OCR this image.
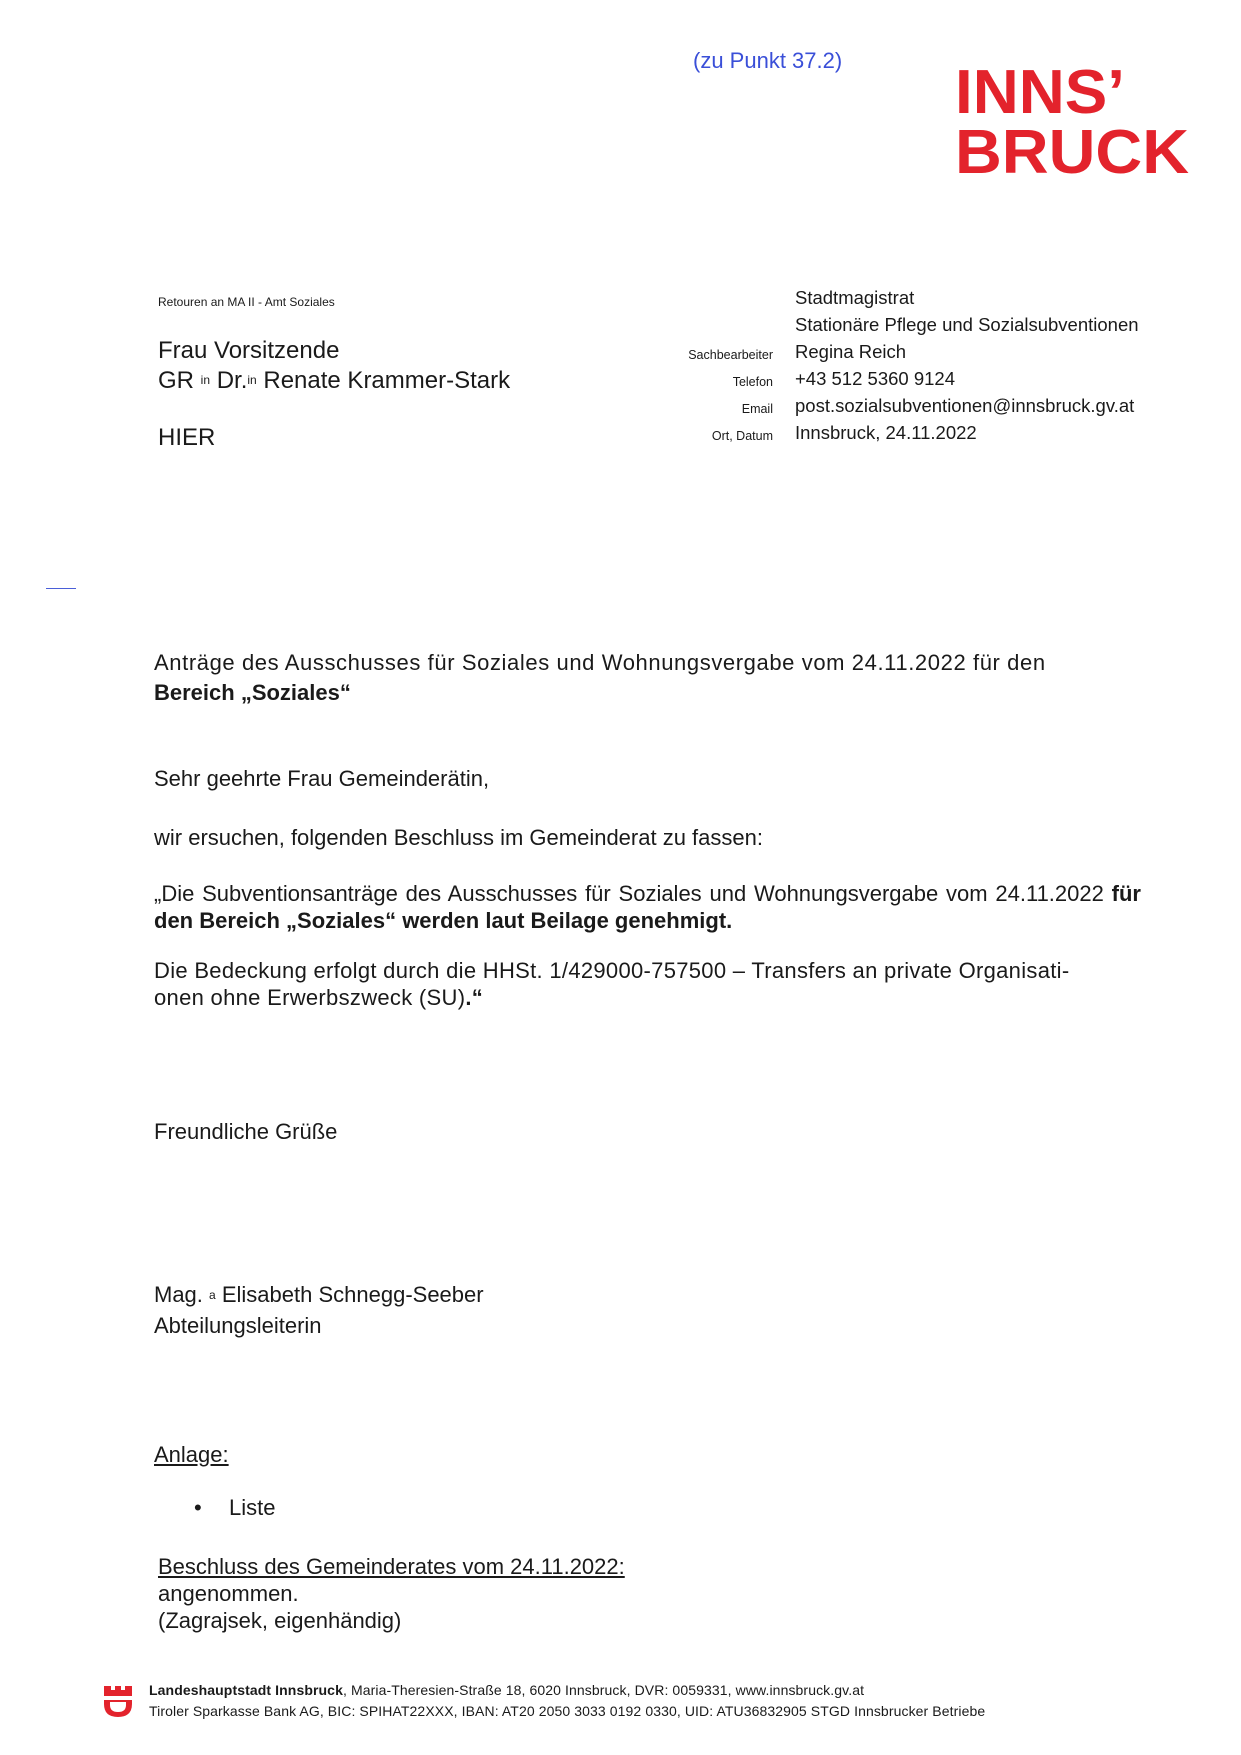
(zu Punkt 37.2) INNS’
BRUCK
Retouren an MA II - Amt Soziales
Frau Vorsitzende
GR $^{in}$ Dr.$^{in}$ Renate Krammer-Stark
HIER
Sachbearbeiter
Telefon
Email
Ort, Datum
Stadtmagistrat
Stationäre Pflege und Sozialsubventionen
Regina Reich
+43 512 5360 9124
post.sozialsubventionen@innsbruck.gv.at
Innsbruck, 24.11.2022
Anträge des Ausschusses für Soziales und Wohnungsvergabe vom 24.11.2022 für den
Bereich „Soziales“
Sehr geehrte Frau Gemeinderätin,
wir ersuchen, folgenden Beschluss im Gemeinderat zu fassen:
„Die Subventionsanträge des Ausschusses für Soziales und Wohnungsvergabe vom 24.11.2022 für den Bereich „Soziales“ werden laut Beilage genehmigt.
Die Bedeckung erfolgt durch die HHSt. 1/429000-757500 – Transfers an private Organisati-
onen ohne Erwerbszweck (SU).“
Freundliche Grüße
Mag. $^a$ Elisabeth Schnegg-Seeber
Abteilungsleiterin
Anlage:
• Liste
Beschluss des Gemeinderates vom 24.11.2022:
angenommen.
(Zagrajsek, eigenhändig)
Landeshauptstadt Innsbruck, Maria-Theresien-Straße 18, 6020 Innsbruck, DVR: 0059331, www.innsbruck.gv.at
Tiroler Sparkasse Bank AG, BIC: SPIHAT22XXX, IBAN: AT20 2050 3033 0192 0330, UID: ATU36832905 STGD Innsbrucker Betriebe
